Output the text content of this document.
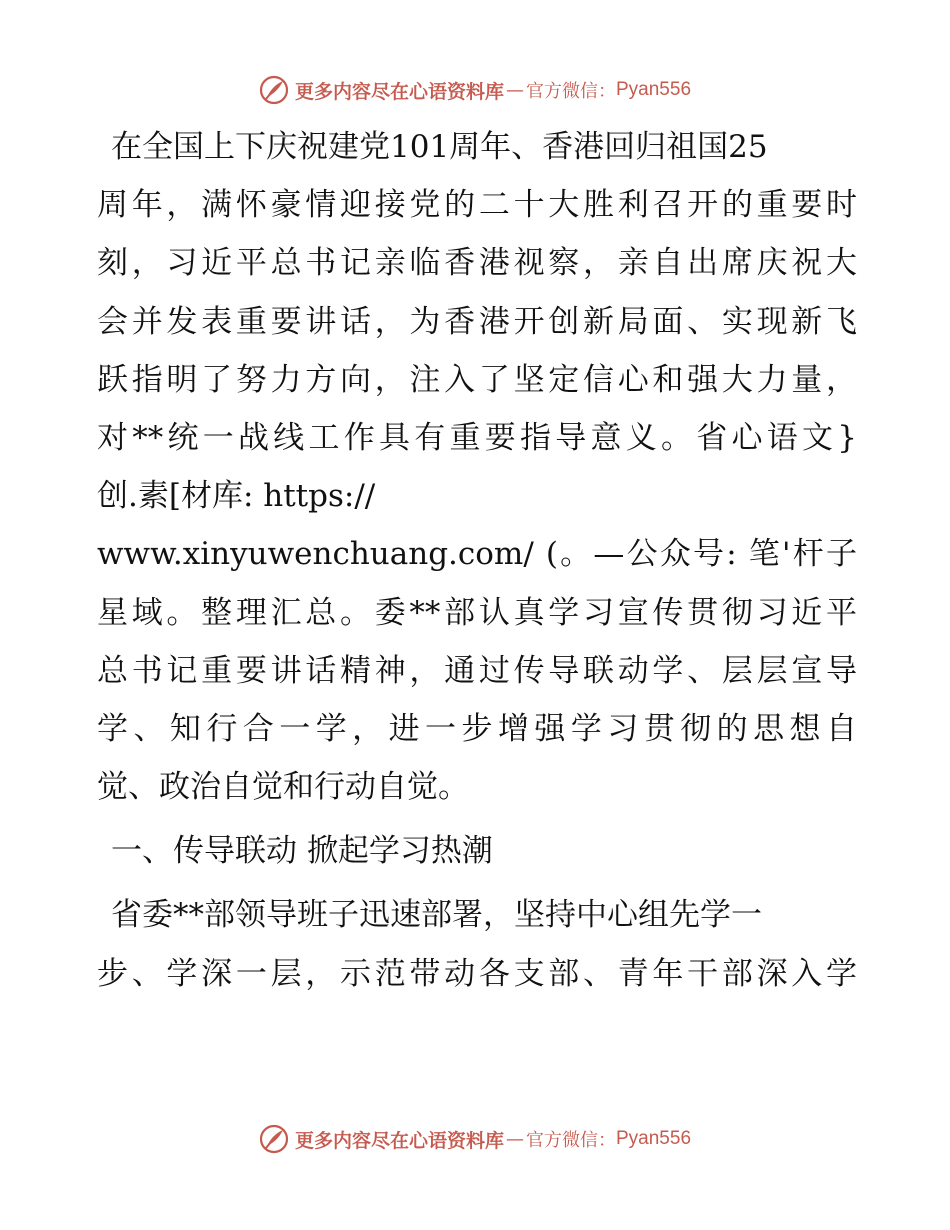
更多内容尽在心语资料库 — 官方微信： Pyan556
在全国上下庆祝建党101周年、香港回归祖国25
周年，满怀豪情迎接党的二十大胜利召开的重要时
刻，习近平总书记亲临香港视察，亲自出席庆祝大
会并发表重要讲话，为香港开创新局面、实现新飞
跃指明了努力方向，注入了坚定信心和强大力量，
对**统一战线工作具有重要指导意义。省心语文}
创.素[材库: https://
www.xinyuwenchuang.com/ (。—公众号: 笔'杆子
星域。整理汇总。委**部认真学习宣传贯彻习近平
总书记重要讲话精神，通过传导联动学、层层宣导
学、知行合一学，进一步增强学习贯彻的思想自
觉、政治自觉和行动自觉。
一、传导联动 掀起学习热潮
省委**部领导班子迅速部署，坚持中心组先学一
步、学深一层，示范带动各支部、青年干部深入学
更多内容尽在心语资料库 — 官方微信： Pyan556
